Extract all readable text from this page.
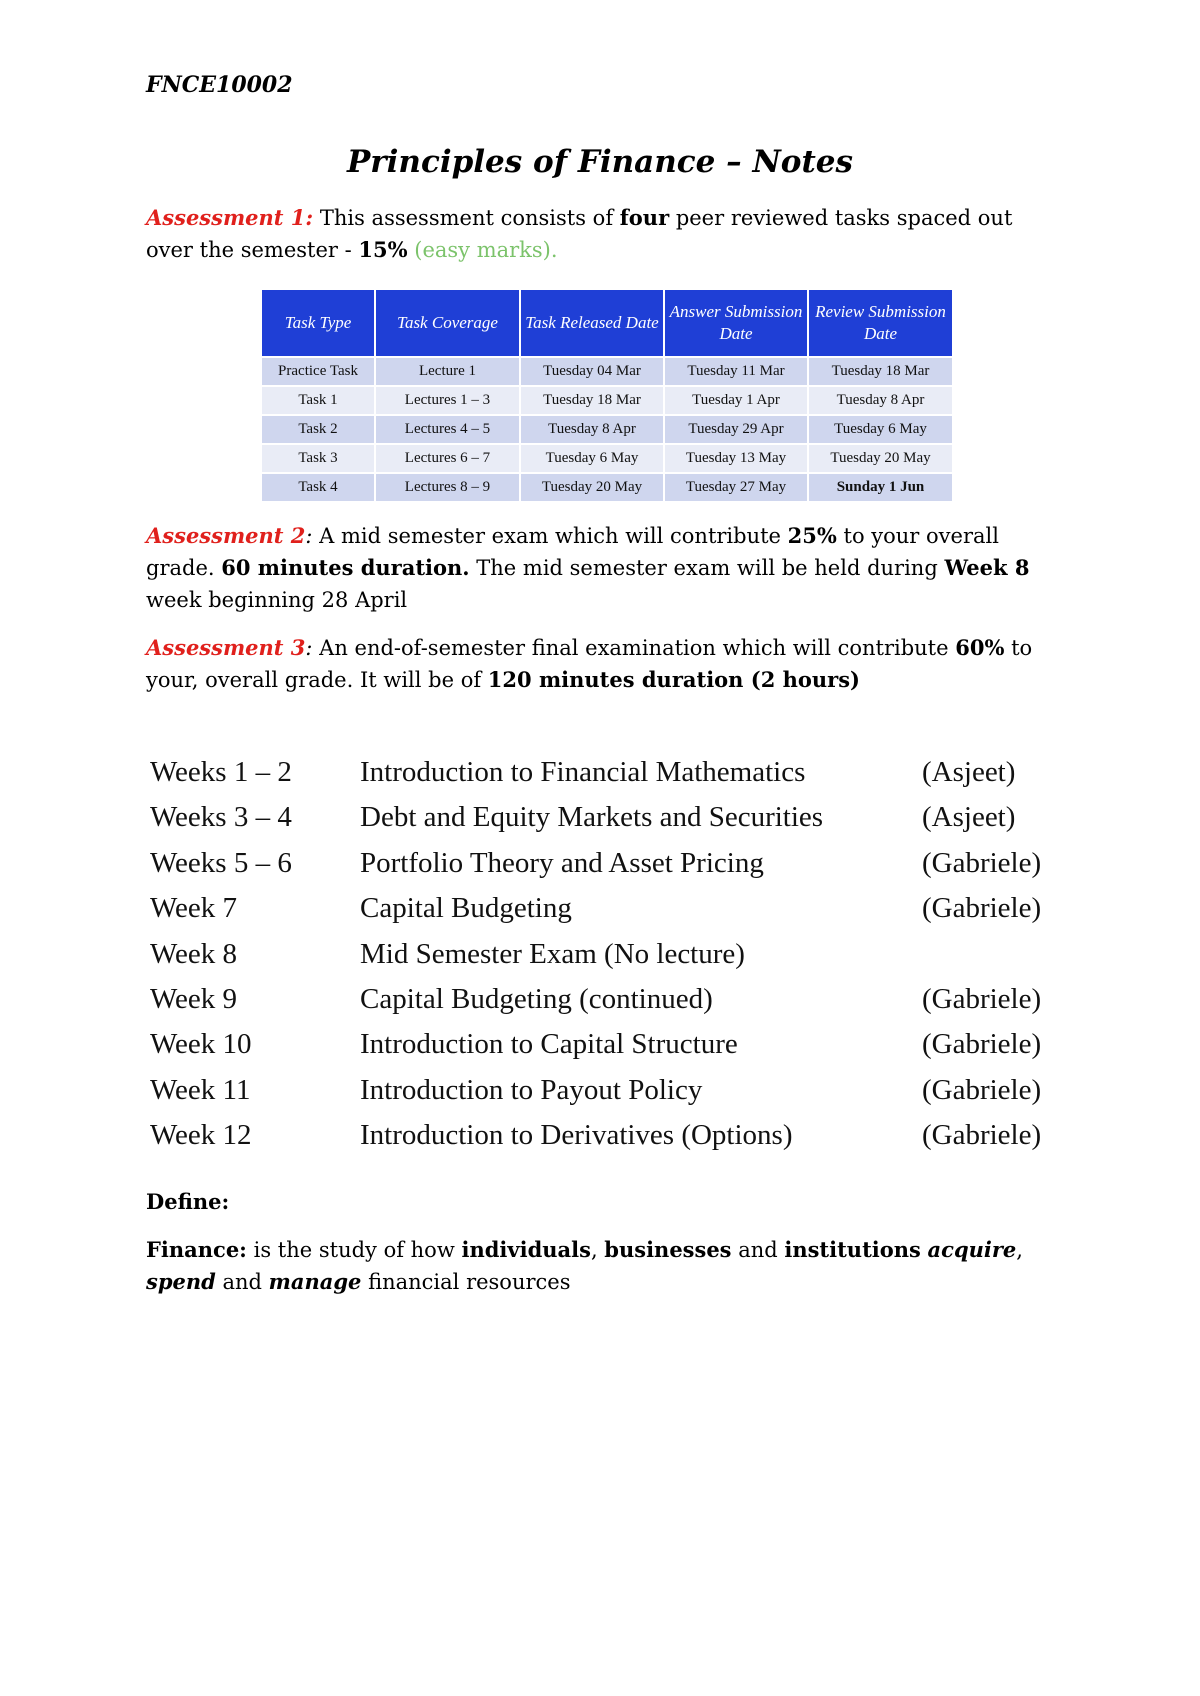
FNCE10002
Principles of Finance – Notes

Assessment 1: This assessment consists of four peer reviewed tasks spaced out over the semester - 15% (easy marks).

Task Type	Task Coverage	Task Released Date	Answer Submission Date	Review Submission Date
Practice Task	Lecture 1	Tuesday 04 Mar	Tuesday 11 Mar	Tuesday 18 Mar
Task 1	Lectures 1 – 3	Tuesday 18 Mar	Tuesday 1 Apr	Tuesday 8 Apr
Task 2	Lectures 4 – 5	Tuesday 8 Apr	Tuesday 29 Apr	Tuesday 6 May
Task 3	Lectures 6 – 7	Tuesday 6 May	Tuesday 13 May	Tuesday 20 May
Task 4	Lectures 8 – 9	Tuesday 20 May	Tuesday 27 May	Sunday 1 Jun

Assessment 2: A mid semester exam which will contribute 25% to your overall grade. 60 minutes duration. The mid semester exam will be held during Week 8 week beginning 28 April

Assessment 3: An end-of-semester final examination which will contribute 60% to your, overall grade. It will be of 120 minutes duration (2 hours)

Weeks 1 – 2 Introduction to Financial Mathematics	(Asjeet)
Weeks 3 – 4 Debt and Equity Markets and Securities	(Asjeet)
Weeks 5 – 6 Portfolio Theory and Asset Pricing	(Gabriele)
Week 7	Capital Budgeting	(Gabriele)
Week 8	Mid Semester Exam (No lecture)
Week 9	Capital Budgeting (continued)	(Gabriele)
Week 10	Introduction to Capital Structure	(Gabriele)
Week 11	Introduction to Payout Policy	(Gabriele)
Week 12	Introduction to Derivatives (Options)	(Gabriele)

Define:

Finance: is the study of how individuals, businesses and institutions acquire, spend and manage financial resources
